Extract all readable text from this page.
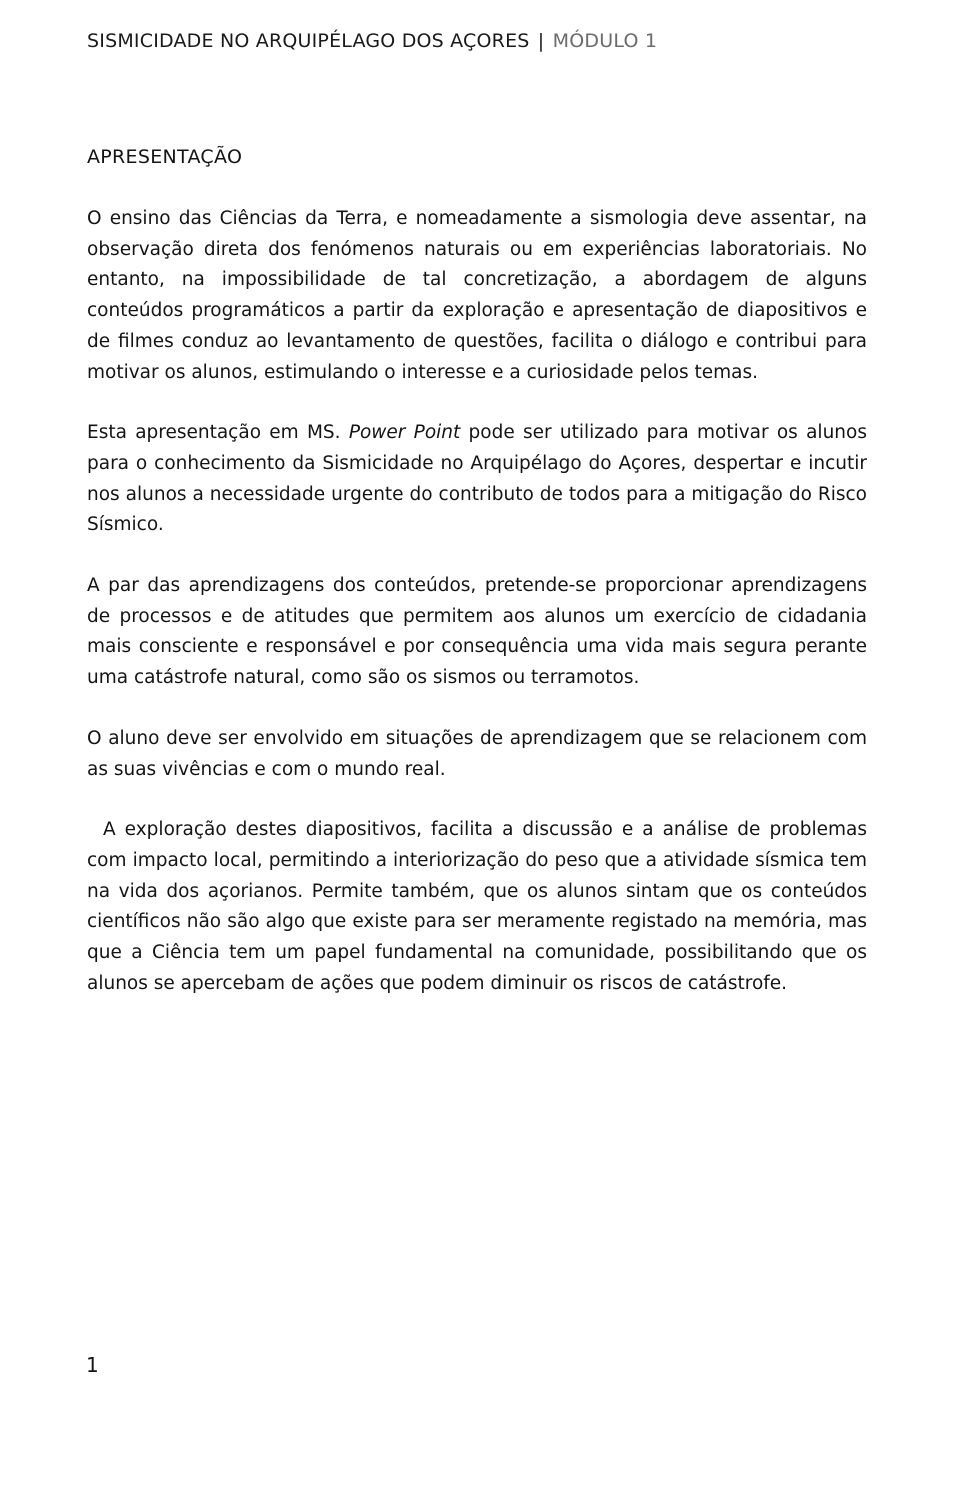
SISMICIDADE NO ARQUIPÉLAGO DOS AÇORES | MÓDULO 1
APRESENTAÇÃO

O ensino das Ciências da Terra, e nomeadamente a sismologia deve assentar, na observação direta dos fenómenos naturais ou em experiências laboratoriais. No entanto, na impossibilidade de tal concretização, a abordagem de alguns conteúdos programáticos a partir da exploração e apresentação de diapositivos e de filmes conduz ao levantamento de questões, facilita o diálogo e contribui para motivar os alunos, estimulando o interesse e a curiosidade pelos temas.

Esta apresentação em MS. Power Point pode ser utilizado para motivar os alunos para o conhecimento da Sismicidade no Arquipélago do Açores, despertar e incutir nos alunos a necessidade urgente do contributo de todos para a mitigação do Risco Sísmico.

A par das aprendizagens dos conteúdos, pretende-se proporcionar aprendizagens de processos e de atitudes que permitem aos alunos um exercício de cidadania mais consciente e responsável e por consequência uma vida mais segura perante uma catástrofe natural, como são os sismos ou terramotos.

O aluno deve ser envolvido em situações de aprendizagem que se relacionem com as suas vivências e com o mundo real.

A exploração destes diapositivos, facilita a discussão e a análise de problemas com impacto local, permitindo a interiorização do peso que a atividade sísmica tem na vida dos açorianos. Permite também, que os alunos sintam que os conteúdos científicos não são algo que existe para ser meramente registado na memória, mas que a Ciência tem um papel fundamental na comunidade, possibilitando que os alunos se apercebam de ações que podem diminuir os riscos de catástrofe.

1
